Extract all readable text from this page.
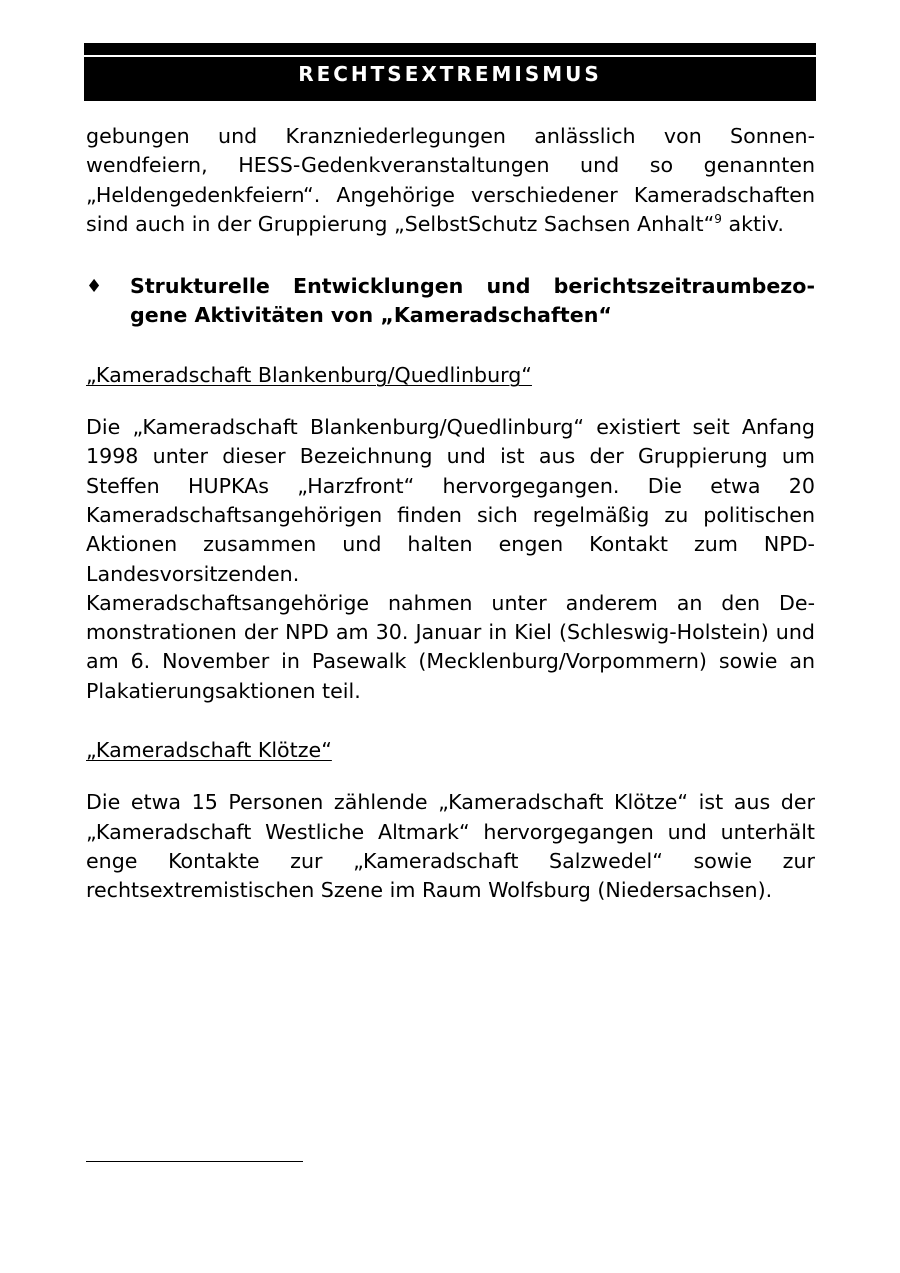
RECHTSEXTREMISMUS

gebungen und Kranzniederlegungen anlässlich von Sonnenwendfeiern, HESS-Gedenkveranstaltungen und so genannten „Heldengedenkfeiern“. Angehörige verschiedener Kameradschaften sind auch in der Gruppierung „SelbstSchutz Sachsen Anhalt“$^9$ aktiv.

♦ Strukturelle Entwicklungen und berichtszeitraumbezogene Aktivitäten von „Kameradschaften“

„Kameradschaft Blankenburg/Quedlinburg“

Die „Kameradschaft Blankenburg/Quedlinburg“ existiert seit Anfang 1998 unter dieser Bezeichnung und ist aus der Gruppierung um Steffen HUPKAs „Harzfront“ hervorgegangen. Die etwa 20 Kameradschaftsangehörigen finden sich regelmäßig zu politischen Aktionen zusammen und halten engen Kontakt zum NPD-Landesvorsitzenden.

Kameradschaftsangehörige nahmen unter anderem an den Demonstrationen der NPD am 30. Januar in Kiel (Schleswig-Holstein) und am 6. November in Pasewalk (Mecklenburg/Vorpommern) sowie an Plakatierungsaktionen teil.

„Kameradschaft Klötze“

Die etwa 15 Personen zählende „Kameradschaft Klötze“ ist aus der „Kameradschaft Westliche Altmark“ hervorgegangen und unterhält enge Kontakte zur „Kameradschaft Salzwedel“ sowie zur rechtsextremistischen Szene im Raum Wolfsburg (Niedersachsen).
